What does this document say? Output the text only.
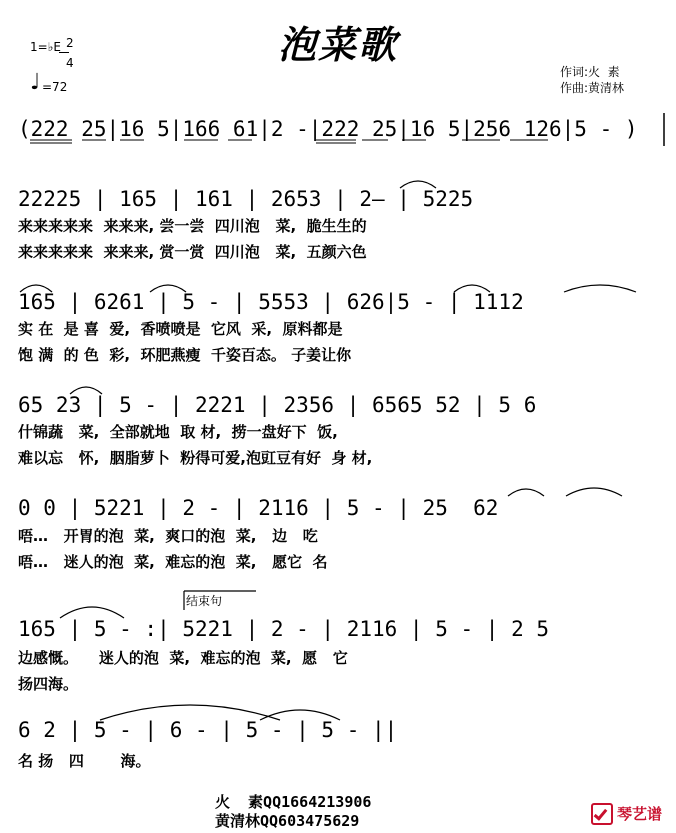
泡菜歌
1=♭E 2
4
♩ =72
作词:火  素
作曲:黄清林
(222 25|16 5|166 61|2 -|222 25|16 5|256 126|5 - )
22225 | 165 | 161 | 2653 | 2— | 5225
来来来来来  来来来, 尝一尝  四川泡   菜,  脆生生的
来来来来来  来来来, 赏一赏  四川泡   菜,  五颜六色
165 | 6261 | 5 - | 5553 | 626|5 - | 1112
实 在  是 喜  爱,  香喷喷是  它风  采,  原料都是
饱 满  的 色  彩,  环肥燕瘦  千姿百态。 子姜让你
65 23 | 5 - | 2221 | 2356 | 6565 52 | 5 6
什锦蔬   菜,  全部就地  取 材,  捞一盘好下  饭,
难以忘   怀,  胭脂萝卜  粉得可爱,泡豇豆有好  身 材,
0 0 | 5221 | 2 - | 2116 | 5 - | 25  62
唔…   开胃的泡  菜,  爽口的泡  菜,   边   吃
唔…   迷人的泡  菜,  难忘的泡  菜,   愿它  名
结束句
165 | 5 - :| 5221 | 2 - | 2116 | 5 - | 2 5
边感慨。    迷人的泡  菜,  难忘的泡  菜,  愿   它
扬四海。
6 2 | 5 - | 6 - | 5 - | 5 - ||
名 扬   四       海。
火  素QQ1664213906
黄清林QQ603475629	琴艺谱
